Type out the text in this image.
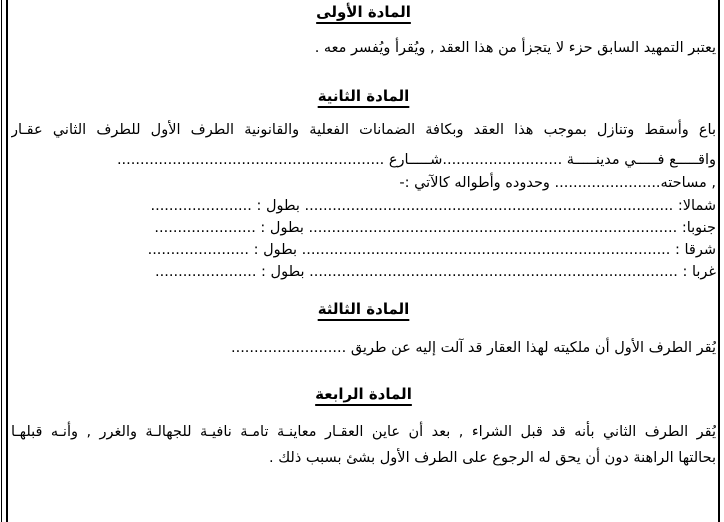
المادة الأولى
يعتبر التمهيد السابق حزء لا يتجزأ من هذا العقد , ويُقرأ ويُفسر معه .
المادة الثانية
باع وأسقط وتنازل بموجب هذا العقد وبكافة الضمانات الفعلية والقانونية الطرف الأول للطرف الثاني عقـار
واقـــــع فـــــي مدينـــــة ..........................شـــــارع ..........................................................
, مساحته....................... وحدوده وأطواله كالآتي :-
شمالا: ................................................................................ بطول : ......................
جنوبا: ................................................................................ بطول : ......................
شرقا : ................................................................................ بطول : ......................
غربا : ................................................................................ بطول : ......................
المادة الثالثة
يُقر الطرف الأول أن ملكيته لهذا العقار قد آلت إليه عن طريق .........................
المادة الرابعة
يُقر الطرف الثاني بأنه قد قبل الشراء , بعد أن عاين العقـار معاينـة تامـة نافيـة للجهالـة والغرر , وأنـه قبلهـا
بحالتها الراهنة دون أن يحق له الرجوع على الطرف الأول بشئ بسبب ذلك .
